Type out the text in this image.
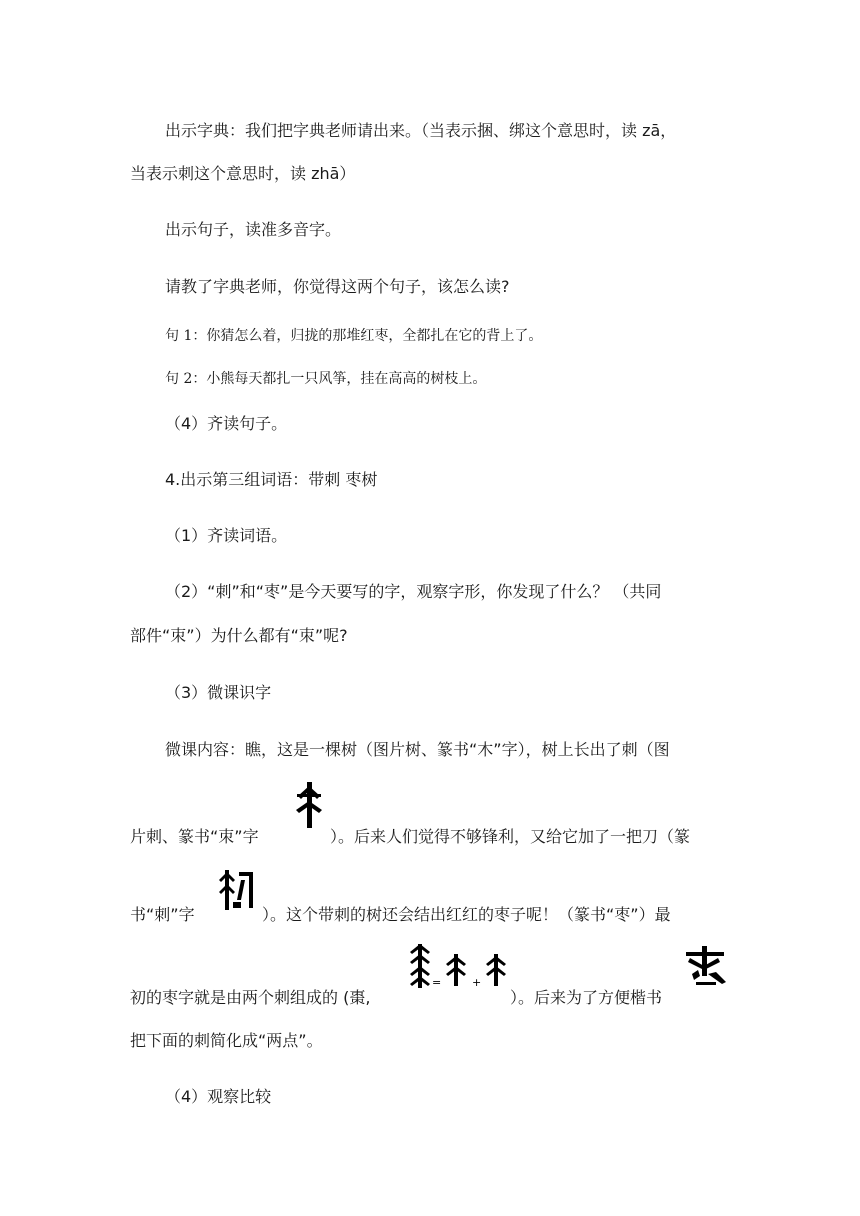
出示字典：我们把字典老师请出来。（当表示捆、绑这个意思时，读 zā，
当表示刺这个意思时，读 zhā）
出示句子，读准多音字。
请教了字典老师，你觉得这两个句子，该怎么读?
句 1：你猜怎么着，归拢的那堆红枣，全都扎在它的背上了。
句 2：小熊每天都扎一只风筝，挂在高高的树枝上。
（4）齐读句子。
4.出示第三组词语：带刺 枣树
（1）齐读词语。
（2）“刺”和“枣”是今天要写的字，观察字形，你发现了什么？ （共同
部件“朿”）为什么都有“朿”呢?
（3）微课识字
微课内容：瞧，这是一棵树（图片树、篆书“木”字），树上长出了刺（图
片刺、篆书“朿”字	）。后来人们觉得不够锋利，又给它加了一把刀（篆
书“刺”字	）。这个带刺的树还会结出红红的枣子呢！（篆书“枣”）最
初的枣字就是由两个刺组成的 (棗,
=	+
）。后来为了方便楷书
把下面的刺简化成“两点”。
（4）观察比较
